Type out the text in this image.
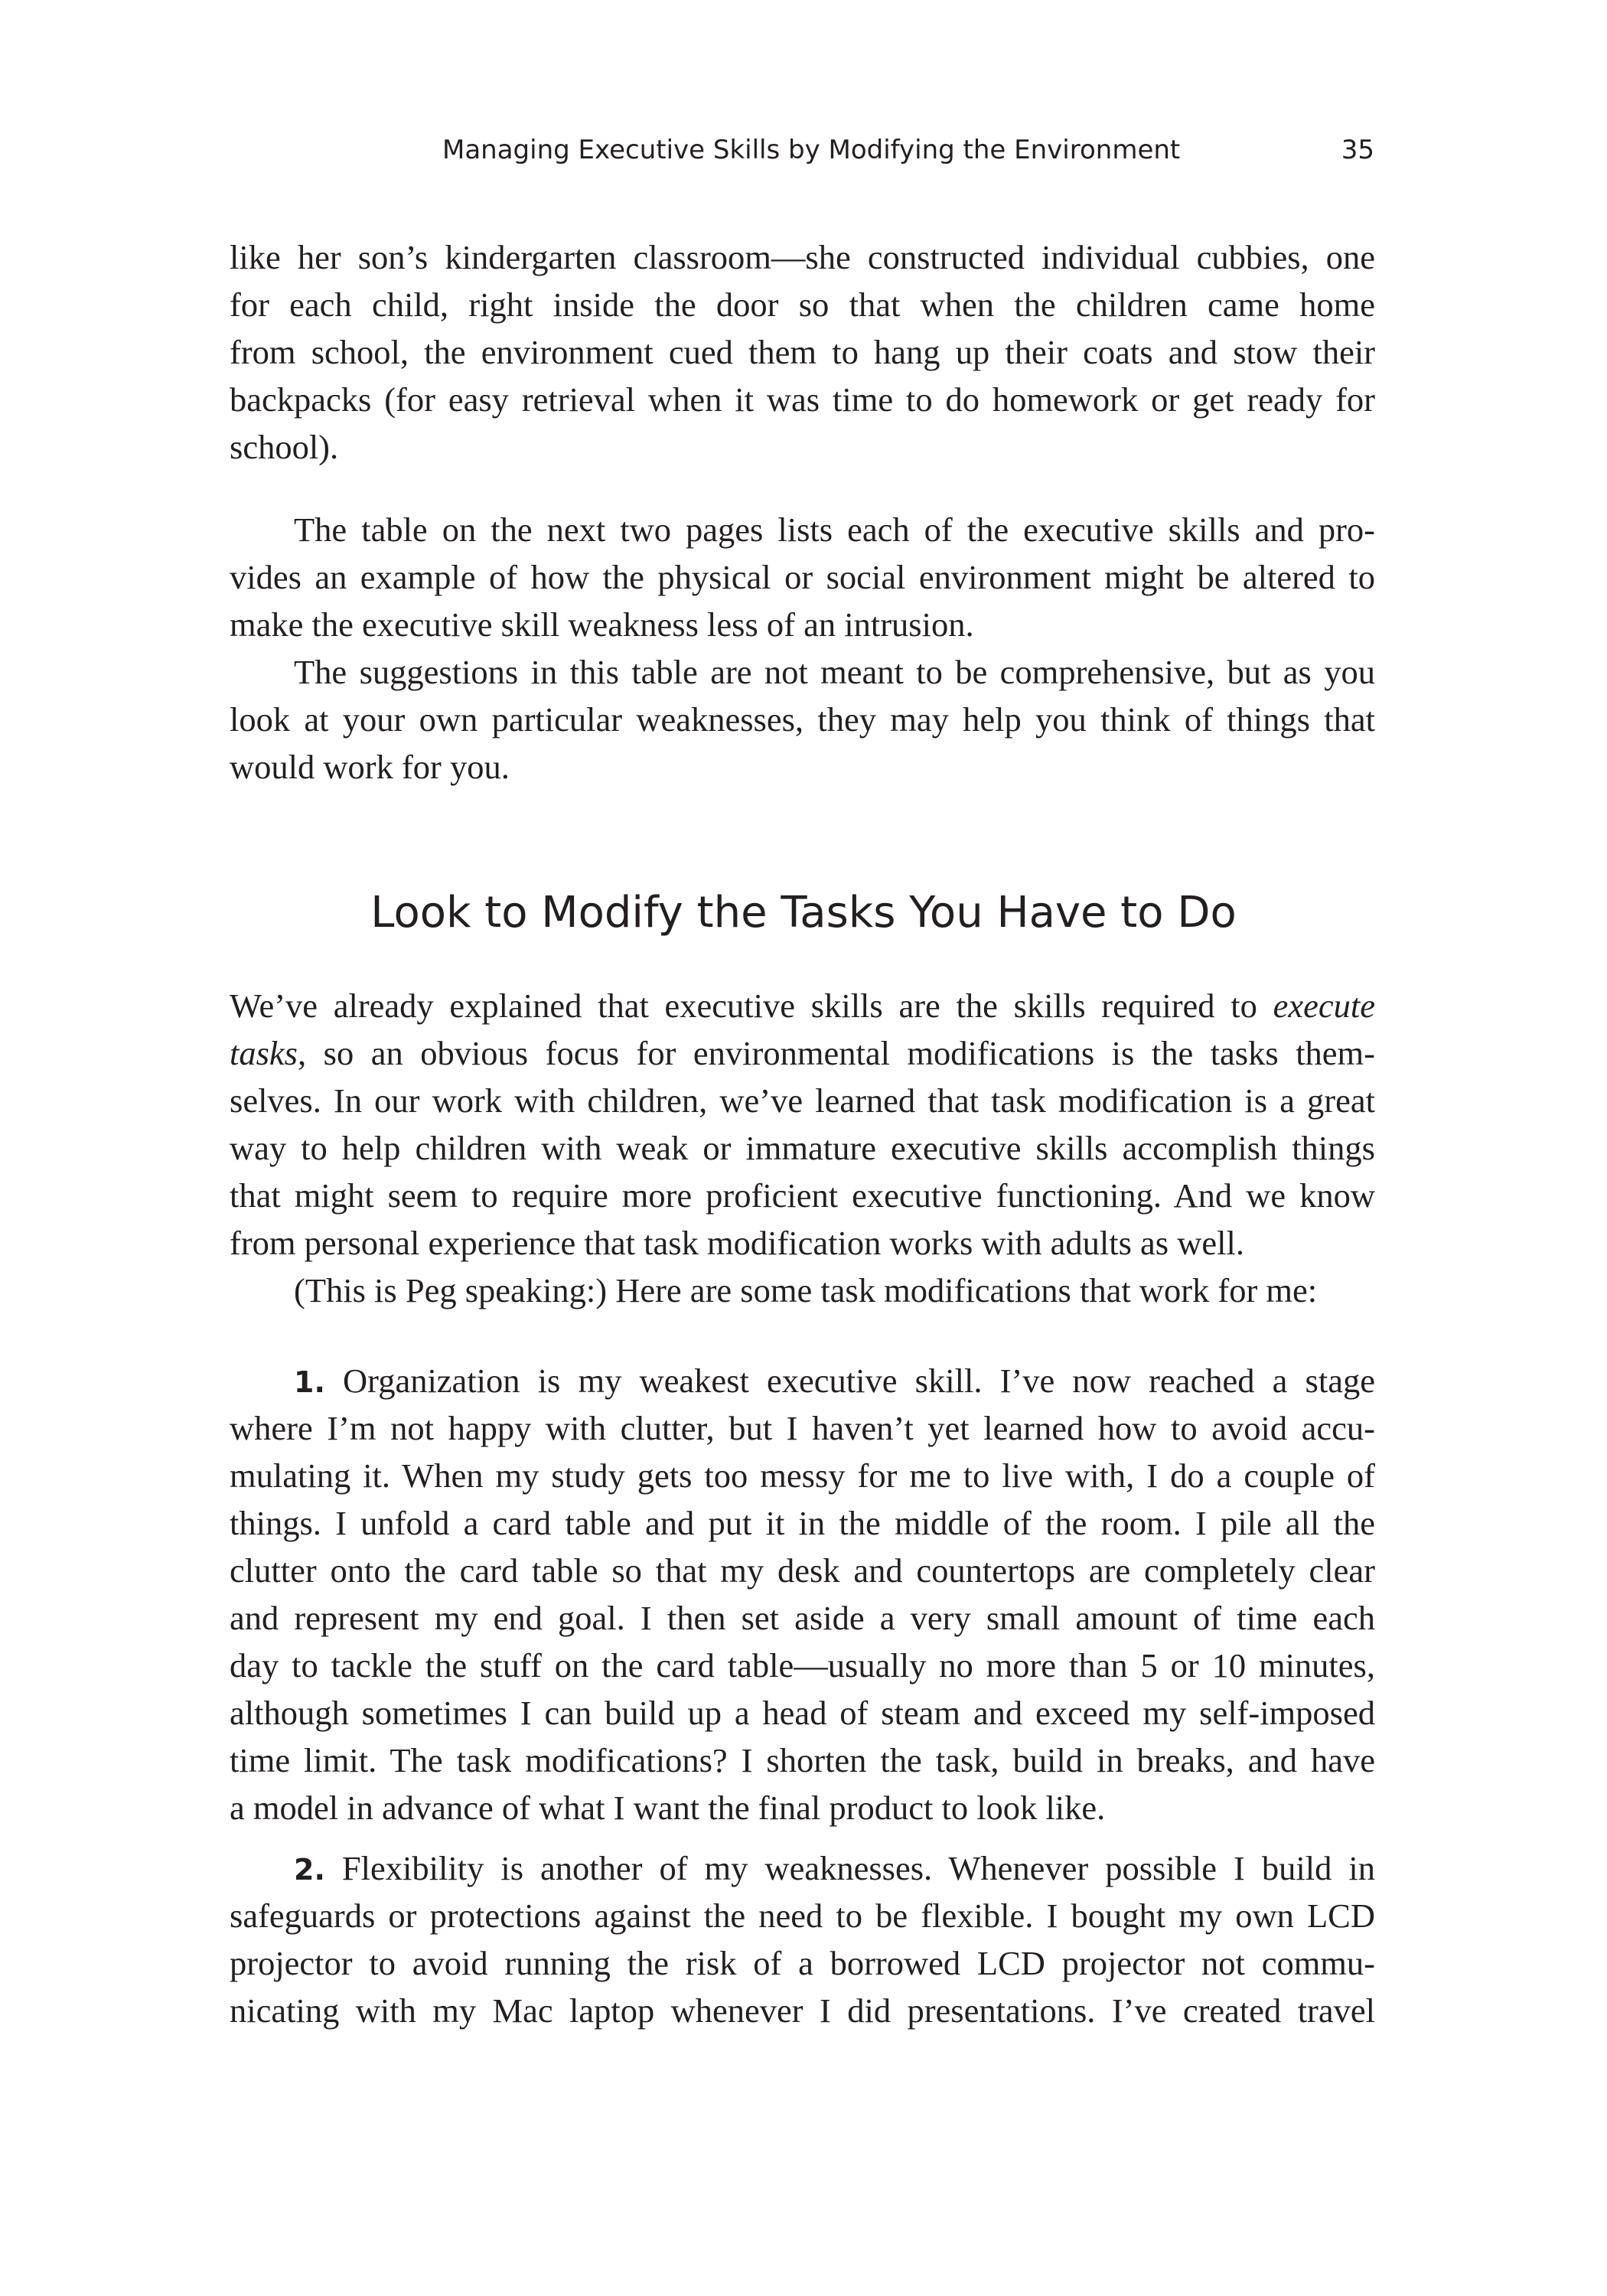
Managing Executive Skills by Modifying the Environment	35
like her son’s kindergarten classroom—she constructed individual cubbies, one
for each child, right inside the door so that when the children came home
from school, the environment cued them to hang up their coats and stow their
backpacks (for easy retrieval when it was time to do homework or get ready for
school).
The table on the next two pages lists each of the executive skills and pro-
vides an example of how the physical or social environment might be altered to
make the executive skill weakness less of an intrusion.
The suggestions in this table are not meant to be comprehensive, but as you
look at your own particular weaknesses, they may help you think of things that
would work for you.
Look to Modify the Tasks You Have to Do
We’ve already explained that executive skills are the skills required to execute
tasks, so an obvious focus for environmental modifications is the tasks them-
selves. In our work with children, we’ve learned that task modification is a great
way to help children with weak or immature executive skills accomplish things
that might seem to require more proficient executive functioning. And we know
from personal experience that task modification works with adults as well.
(This is Peg speaking:) Here are some task modifications that work for me:
1. Organization is my weakest executive skill. I’ve now reached a stage
where I’m not happy with clutter, but I haven’t yet learned how to avoid accu-
mulating it. When my study gets too messy for me to live with, I do a couple of
things. I unfold a card table and put it in the middle of the room. I pile all the
clutter onto the card table so that my desk and countertops are completely clear
and represent my end goal. I then set aside a very small amount of time each
day to tackle the stuff on the card table—usually no more than 5 or 10 minutes,
although sometimes I can build up a head of steam and exceed my self-imposed
time limit. The task modifications? I shorten the task, build in breaks, and have
a model in advance of what I want the final product to look like.
2. Flexibility is another of my weaknesses. Whenever possible I build in
safeguards or protections against the need to be flexible. I bought my own LCD
projector to avoid running the risk of a borrowed LCD projector not commu-
nicating with my Mac laptop whenever I did presentations. I’ve created travel
